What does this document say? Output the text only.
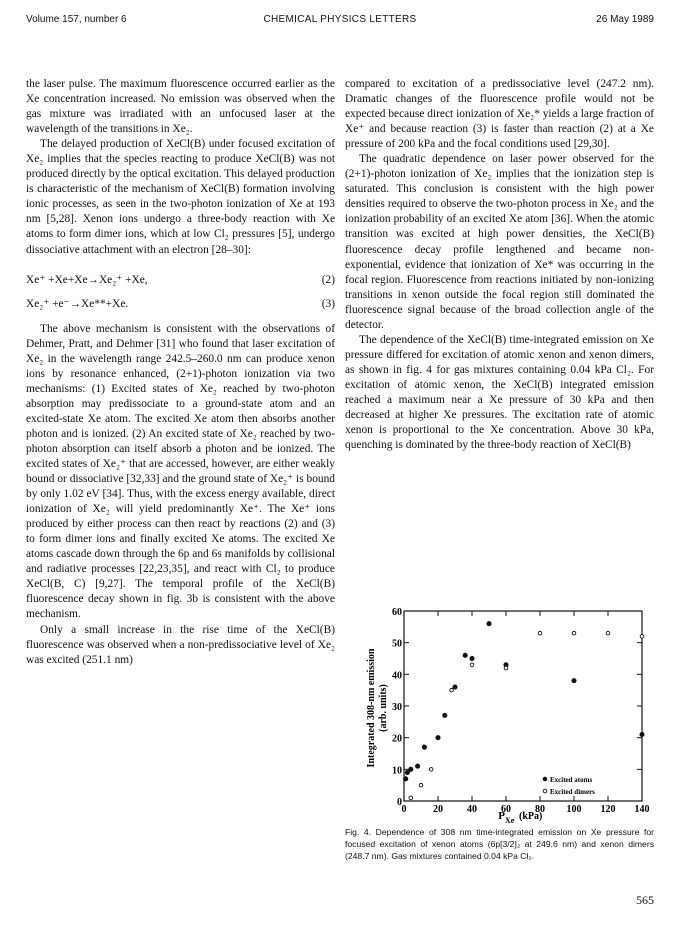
Volume 157, number 6	CHEMICAL PHYSICS LETTERS	26 May 1989

the laser pulse. The maximum fluorescence occurred earlier as the Xe concentration increased. No emission was observed when the gas mixture was irradiated with an unfocused laser at the wavelength of the transitions in Xe₂.

The delayed production of XeCl(B) under focused excitation of Xe₂ implies that the species reacting to produce XeCl(B) was not produced directly by the optical excitation. This delayed production is characteristic of the mechanism of XeCl(B) formation involving ionic processes, as seen in the two-photon ionization of Xe at 193 nm [5,28]. Xenon ions undergo a three-body reaction with Xe atoms to form dimer ions, which at low Cl₂ pressures [5], undergo dissociative attachment with an electron [28–30]:

Xe⁺ +Xe+Xe→Xe₂⁺ +Xe,	(2)
Xe₂⁺ +e⁻→Xe**+Xe.	(3)

The above mechanism is consistent with the observations of Dehmer, Pratt, and Dehmer [31] who found that laser excitation of Xe₂ in the wavelength range 242.5–260.0 nm can produce xenon ions by resonance enhanced, (2+1)-photon ionization via two mechanisms: (1) Excited states of Xe₂ reached by two-photon absorption may predissociate to a ground-state atom and an excited-state Xe atom. The excited Xe atom then absorbs another photon and is ionized. (2) An excited state of Xe₂ reached by two-photon absorption can itself absorb a photon and be ionized. The excited states of Xe₂⁺ that are accessed, however, are either weakly bound or dissociative [32,33] and the ground state of Xe₂⁺ is bound by only 1.02 eV [34]. Thus, with the excess energy available, direct ionization of Xe₂ will yield predominantly Xe⁺. The Xe⁺ ions produced by either process can then react by reactions (2) and (3) to form dimer ions and finally excited Xe atoms. The excited Xe atoms cascade down through the 6p and 6s manifolds by collisional and radiative processes [22,23,35], and react with Cl₂ to produce XeCl(B, C) [9,27]. The temporal profile of the XeCl(B) fluorescence decay shown in fig. 3b is consistent with the above mechanism.

Only a small increase in the rise time of the XeCl(B) fluorescence was observed when a non-predissociative level of Xe₂ was excited (251.1 nm)

compared to excitation of a predissociative level (247.2 nm). Dramatic changes of the fluorescence profile would not be expected because direct ionization of Xe₂* yields a large fraction of Xe⁺ and because reaction (3) is faster than reaction (2) at a Xe pressure of 200 kPa and the focal conditions used [29,30].

The quadratic dependence on laser power observed for the (2+1)-photon ionization of Xe₂ implies that the ionization step is saturated. This conclusion is consistent with the high power densities required to observe the two-photon process in Xe₂ and the ionization probability of an excited Xe atom [36]. When the atomic transition was excited at high power densities, the XeCl(B) fluorescence decay profile lengthened and became non-exponential, evidence that ionization of Xe* was occurring in the focal region. Fluorescence from reactions initiated by non-ionizing transitions in xenon outside the focal region still dominated the fluorescence signal because of the broad collection angle of the detector.

The dependence of the XeCl(B) time-integrated emission on Xe pressure differed for excitation of atomic xenon and xenon dimers, as shown in fig. 4 for gas mixtures containing 0.04 kPa Cl₂. For excitation of atomic xenon, the XeCl(B) integrated emission reached a maximum near a Xe pressure of 30 kPa and then decreased at higher Xe pressures. The excitation rate of atomic xenon is proportional to the Xe concentration. Above 30 kPa, quenching is dominated by the three-body reaction of XeCl(B)

Integrated 308-nm emission (arb. units)
0	20 40 60 80 100 120 140
0
10
20
30
40
50
60
Excited atoms
Excited dimers
P Xe (kPa)
Fig. 4. Dependence of 308 nm time-integrated emission on Xe pressure for focused excitation of xenon atoms (6p[3/2]₂ at 249.6 nm) and xenon dimers (248.7 nm). Gas mixtures contained 0.04 kPa Cl₂.
565
